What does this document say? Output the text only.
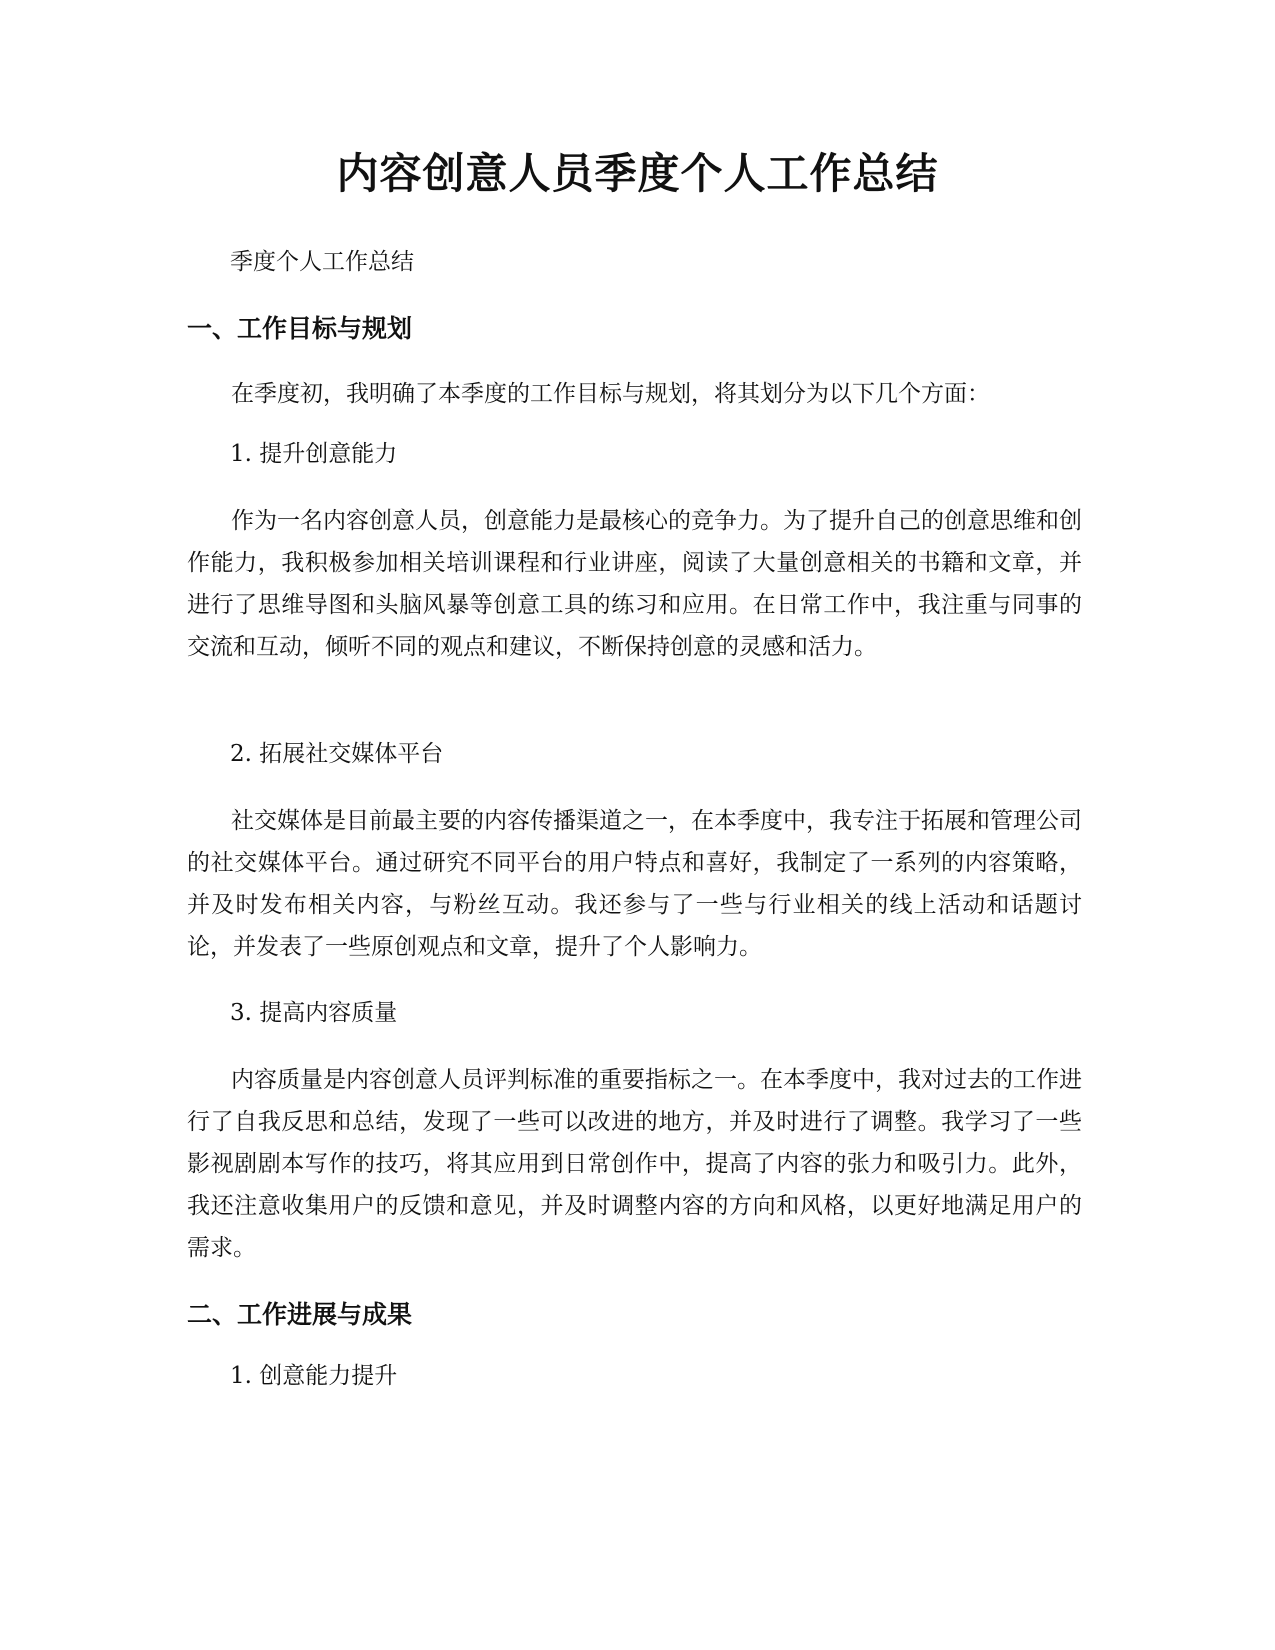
内容创意人员季度个人工作总结

季度个人工作总结

一、工作目标与规划

在季度初，我明确了本季度的工作目标与规划，将其划分为以下几个方面：

1. 提升创意能力

作为一名内容创意人员，创意能力是最核心的竞争力。为了提升自己的创意思维和创作能力，我积极参加相关培训课程和行业讲座，阅读了大量创意相关的书籍和文章，并进行了思维导图和头脑风暴等创意工具的练习和应用。在日常工作中，我注重与同事的交流和互动，倾听不同的观点和建议，不断保持创意的灵感和活力。

2. 拓展社交媒体平台

社交媒体是目前最主要的内容传播渠道之一，在本季度中，我专注于拓展和管理公司的社交媒体平台。通过研究不同平台的用户特点和喜好，我制定了一系列的内容策略，并及时发布相关内容，与粉丝互动。我还参与了一些与行业相关的线上活动和话题讨论，并发表了一些原创观点和文章，提升了个人影响力。

3. 提高内容质量

内容质量是内容创意人员评判标准的重要指标之一。在本季度中，我对过去的工作进行了自我反思和总结，发现了一些可以改进的地方，并及时进行了调整。我学习了一些影视剧剧本写作的技巧，将其应用到日常创作中，提高了内容的张力和吸引力。此外，我还注意收集用户的反馈和意见，并及时调整内容的方向和风格，以更好地满足用户的需求。

二、工作进展与成果

1. 创意能力提升
